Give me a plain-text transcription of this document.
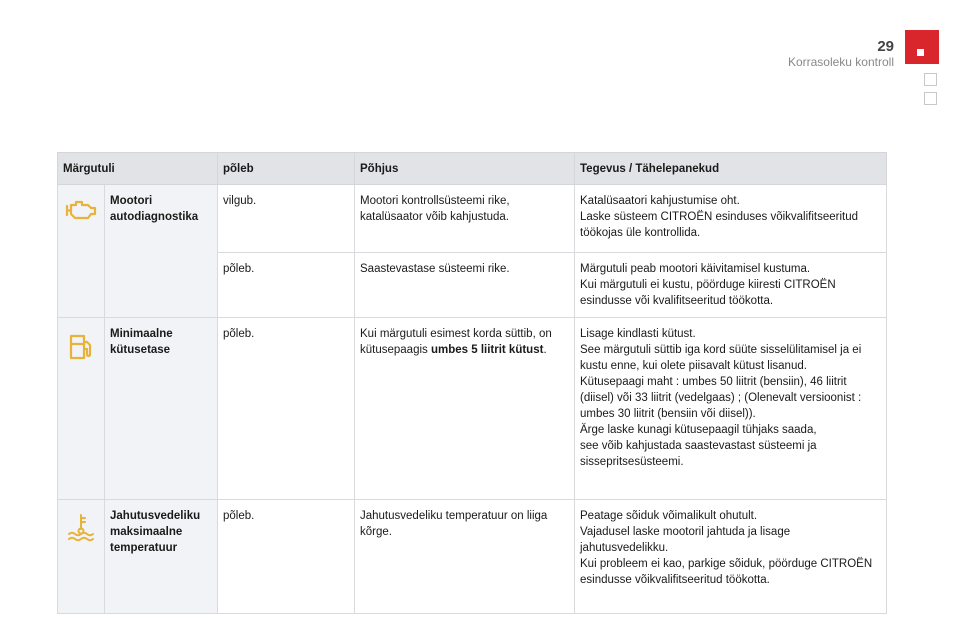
29
Korrasoleku kontroll
Märgutuli		põleb	Põhjus	Tegevus / Tähelepanekud

	Mootori autodiagnostika	vilgub.	Mootori kontrollsüsteemi rike, katalüsaator võib kahjustuda.	Katalüsaatori kahjustumise oht.
Laske süsteem CITROËN esinduses võikvalifitseeritud töökojas üle kontrollida.
		põleb.	Saastevastase süsteemi rike.	Märgutuli peab mootori käivitamisel kustuma.
Kui märgutuli ei kustu, pöörduge kiiresti CITROËN esindusse või kvalifitseeritud töökotta.

	Minimaalne kütusetase	põleb.	Kui märgutuli esimest korda süttib, on kütusepaagis umbes 5 liitrit kütust.	Lisage kindlasti kütust.
See märgutuli süttib iga kord süüte sisselülitamisel ja ei kustu enne, kui olete piisavalt kütust lisanud.
Kütusepaagi maht : umbes 50 liitrit (bensiin), 46 liitrit (diisel) või 33 liitrit (vedelgaas) ; (Olenevalt versioonist : umbes 30 liitrit (bensiin või diisel)).
Ärge laske kunagi kütusepaagil tühjaks saada,
see võib kahjustada saastevastast süsteemi ja sissepritsesüsteemi.

	Jahutusvedeliku maksimaalne temperatuur	põleb.	Jahutusvedeliku temperatuur on liiga kõrge.	Peatage sõiduk võimalikult ohutult.
Vajadusel laske mootoril jahtuda ja lisage jahutusvedelikku.
Kui probleem ei kao, parkige sõiduk, pöörduge CITROËN esindusse võikvalifitseeritud töökotta.
